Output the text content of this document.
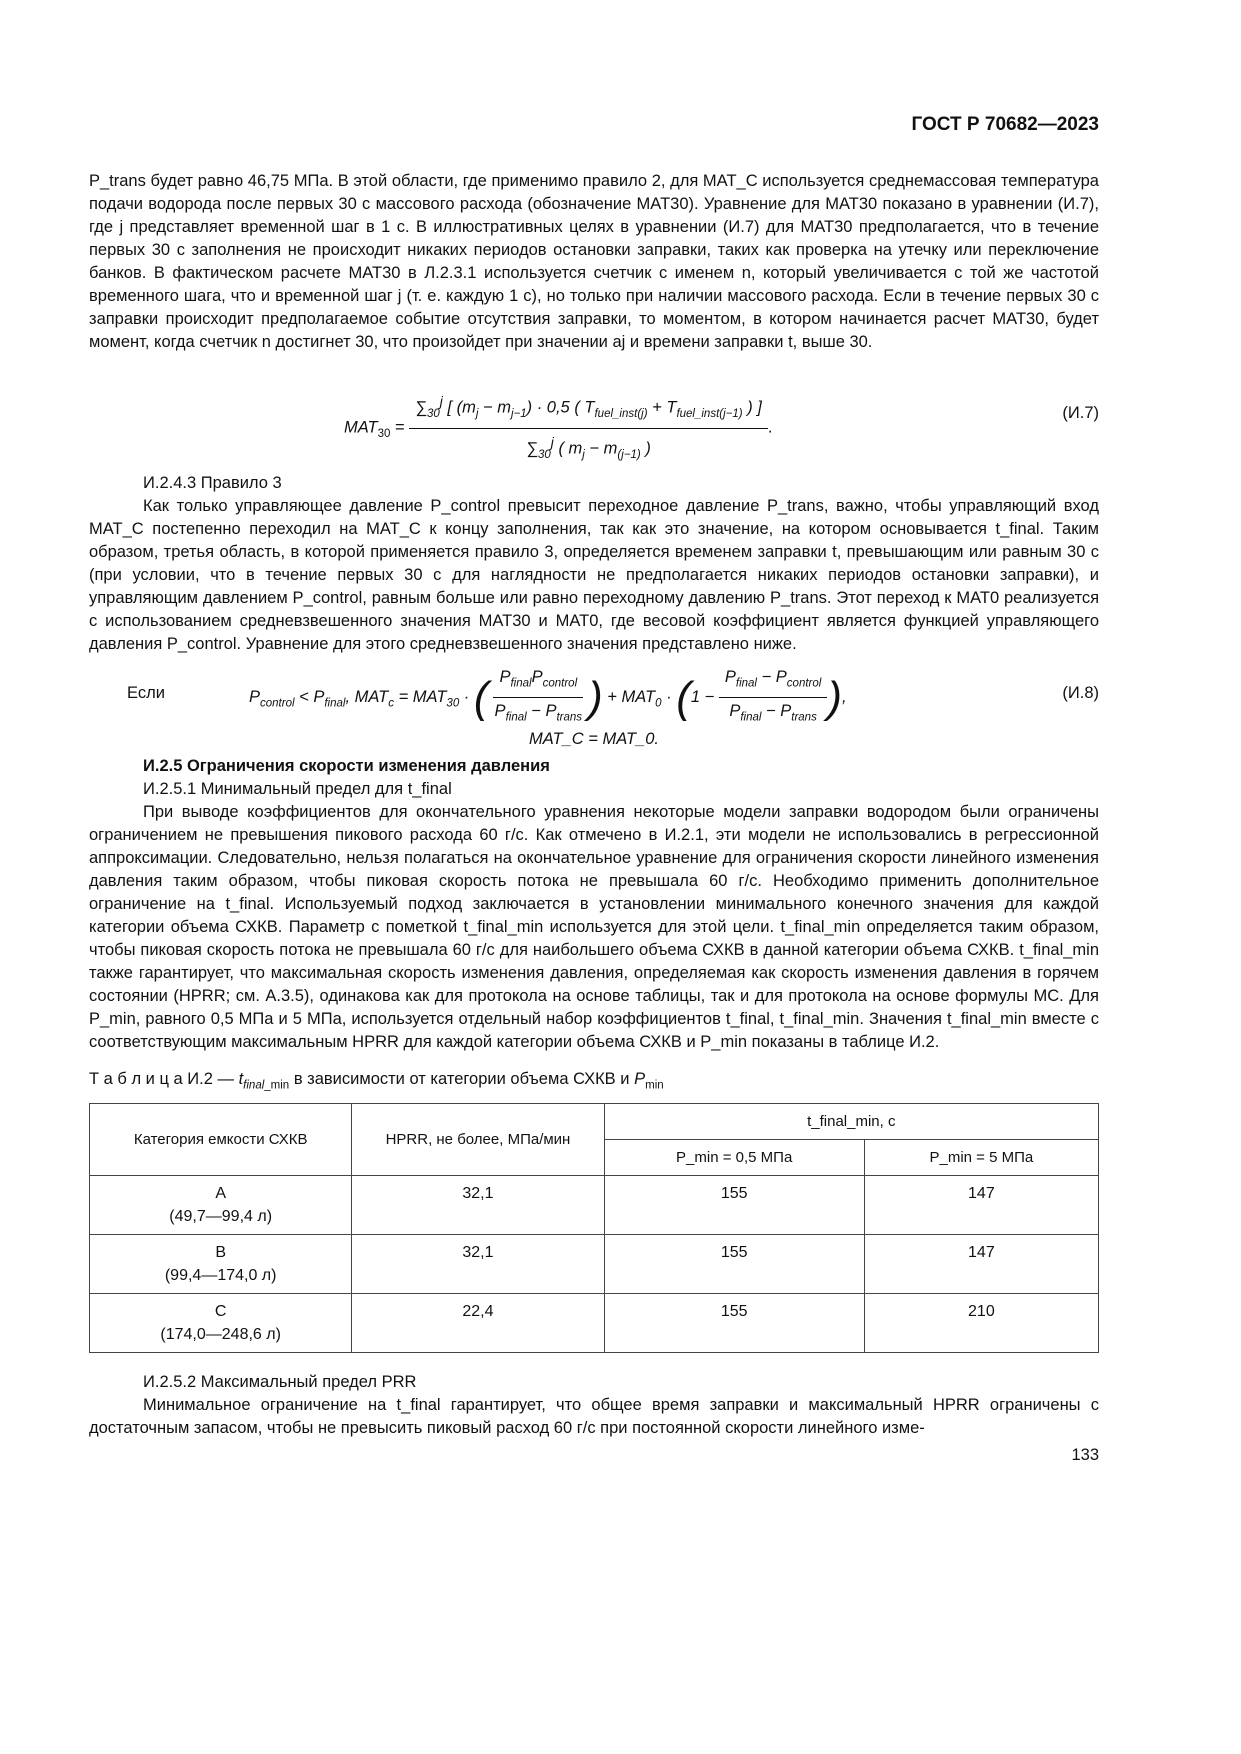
ГОСТ Р 70682—2023

P_trans будет равно 46,75 МПа. В этой области, где применимо правило 2, для MAT_C используется среднемассовая температура подачи водорода после первых 30 с массового расхода (обозначение MAT30). Уравнение для MAT30 показано в уравнении (И.7), где j представляет временной шаг в 1 с. В иллюстративных целях в уравнении (И.7) для MAT30 предполагается, что в течение первых 30 с заполнения не происходит никаких периодов остановки заправки, таких как проверка на утечку или переключение банков. В фактическом расчете MAT30 в Л.2.3.1 используется счетчик с именем n, который увеличивается с той же частотой временного шага, что и временной шаг j (т. е. каждую 1 с), но только при наличии массового расхода. Если в течение первых 30 с заправки происходит предполагаемое событие отсутствия заправки, то моментом, в котором начинается расчет MAT30, будет момент, когда счетчик n достигнет 30, что произойдет при значении aj и времени заправки t, выше 30.

$MAT_{30}$ =
$\sum_{30}^j$ [ $(m_j - m_{j-1}) \cdot 0,5$ ( $T_{fuel\_inst(j)} + T_{fuel\_inst(j-1)}$ ) ]
$\sum_{30}^j$ ( $m_j - m_{(j-1)}$ )
.
(И.7)

И.2.4.3 Правило 3

Как только управляющее давление P_control превысит переходное давление P_trans, важно, чтобы управляющий вход MAT_C постепенно переходил на MAT_C к концу заполнения, так как это значение, на котором основывается t_final. Таким образом, третья область, в которой применяется правило 3, определяется временем заправки t, превышающим или равным 30 с (при условии, что в течение первых 30 с для наглядности не предполагается никаких периодов остановки заправки), и управляющим давлением P_control, равным больше или равно переходному давлению P_trans. Этот переход к MAT0 реализуется с использованием средневзвешенного значения MAT30 и MAT0, где весовой коэффициент является функцией управляющего давления P_control. Уравнение для этого средневзвешенного значения представлено ниже.

Если	$P_{control} < P_{final}$, $MAT_c = MAT_{30}$ · ( $\frac{P_{final}P_{control}}{P_{final} - P_{trans}}$ ) + $MAT_0 \cdot (1 - \frac{P_{final} - P_{control}}{P_{final} - P_{trans}}$ ),	(И.8)
MAT_C = MAT_0.

И.2.5 Ограничения скорости изменения давления

И.2.5.1 Минимальный предел для t_final

При выводе коэффициентов для окончательного уравнения некоторые модели заправки водородом были ограничены ограничением не превышения пикового расхода 60 г/с. Как отмечено в И.2.1, эти модели не использовались в регрессионной аппроксимации. Следовательно, нельзя полагаться на окончательное уравнение для ограничения скорости линейного изменения давления таким образом, чтобы пиковая скорость потока не превышала 60 г/с. Необходимо применить дополнительное ограничение на t_final. Используемый подход заключается в установлении минимального конечного значения для каждой категории объема СХКВ. Параметр с пометкой t_final_min используется для этой цели. t_final_min определяется таким образом, чтобы пиковая скорость потока не превышала 60 г/с для наибольшего объема СХКВ в данной категории объема СХКВ. t_final_min также гарантирует, что максимальная скорость изменения давления, определяемая как скорость изменения давления в горячем состоянии (HPRR; см. А.3.5), одинакова как для протокола на основе таблицы, так и для протокола на основе формулы МС. Для P_min, равного 0,5 МПа и 5 МПа, используется отдельный набор коэффициентов t_final, t_final_min. Значения t_final_min вместе с соответствующим максимальным HPRR для каждой категории объема СХКВ и P_min показаны в таблице И.2.

Т а б л и ц а И.2 — $t_{final\_min}$ в зависимости от категории объема СХКВ и $P_{min}$
Категория емкости СХКВ	HPRR, не более, МПа/мин	t_final_min, с	
		P_min = 0,5 МПа	P_min = 5 МПа

A
(49,7—99,4 л)	32,1	155	147

B
(99,4—174,0 л)	32,1	155	147

C
(174,0—248,6 л)	22,4	155	210

И.2.5.2 Максимальный предел PRR

Минимальное ограничение на t_final гарантирует, что общее время заправки и максимальный HPRR ограничены с достаточным запасом, чтобы не превысить пиковый расход 60 г/с при постоянной скорости линейного изме-

133
